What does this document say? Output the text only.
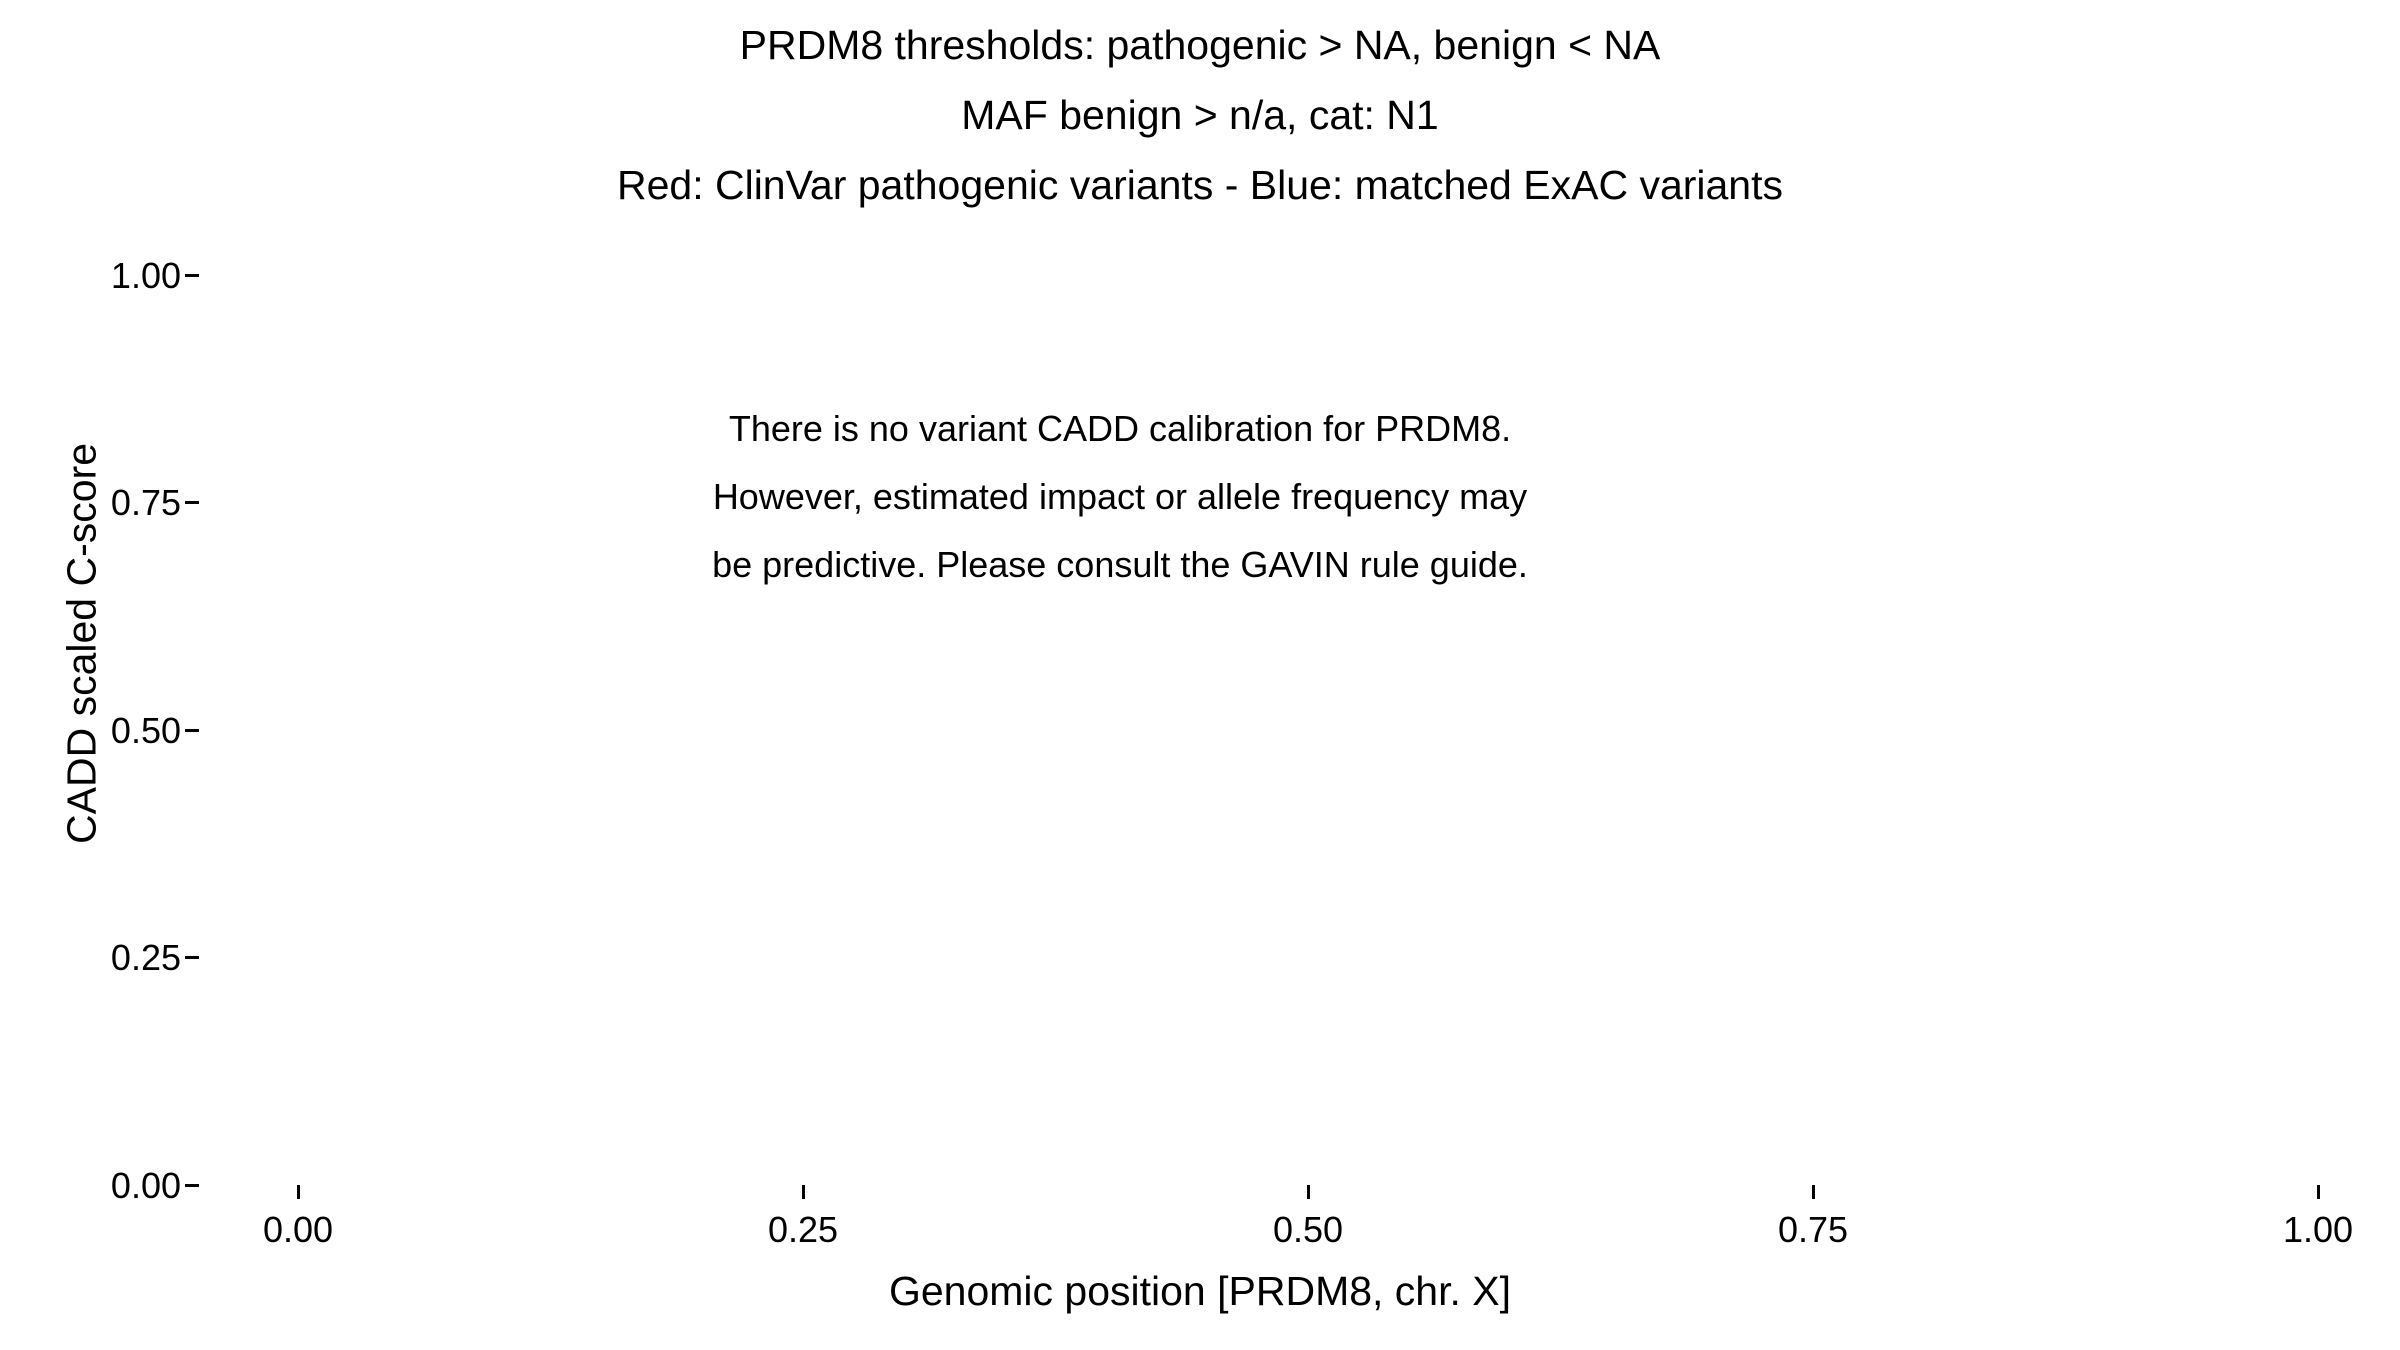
PRDM8 thresholds: pathogenic > NA, benign < NA
MAF benign > n/a, cat: N1
Red: ClinVar pathogenic variants - Blue: matched ExAC variants
CADD scaled C-score
Genomic position [PRDM8, chr. X]
1.00
0.75
0.50
0.25
0.00
0.00	0.25	0.50	0.75	1.00
There is no variant CADD calibration for PRDM8.
However, estimated impact or allele frequency may
be predictive. Please consult the GAVIN rule guide.
